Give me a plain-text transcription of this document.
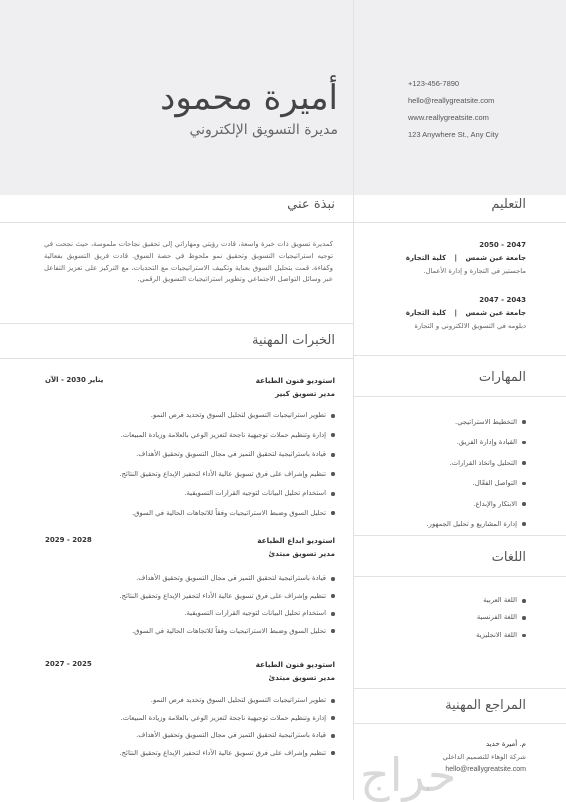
أميرة محمود
مديرة التسويق الإلكتروني
+123-456-7890
hello@reallygreatsite.com
www.reallygreatsite.com
123 Anywhere St., Any City
التعليم
2047 - 2050
جامعة عين شمس | كلية التجارة
ماجستير في التجارة و إدارة الأعمال.
2043 - 2047
جامعة عين شمس | كلية التجارة
دبلومه في التسويق الالكتروني و التجارة
نبذة عني
كمديرة تسويق ذات خبرة واسعة، قادت رؤيتي ومهاراتي إلى تحقيق نجاحات ملموسة، حيث نجحت في توجيه استراتيجيات التسويق وتحقيق نمو ملحوظ في حصة السوق. قادت فريق التسويق بفعالية وكفاءة، قمت بتحليل السوق بعناية وتكييف الاستراتيجيات مع التحديات، مع التركيز على تعزيز التفاعل عبر وسائل التواصل الاجتماعي وتطوير استراتيجيات التسويق الرقمي.
الخبرات المهنية
استوديو فنون الطباعة
يناير 2030 - الآن
مدير تسويق كبير
تطوير استراتيجيات التسويق لتحليل السوق وتحديد فرص النمو.
إدارة وتنظيم حملات توجيهية ناجحة لتعزيز الوعي بالعلامة وزيادة المبيعات.
قيادة باستراتيجية لتحقيق التميز في مجال التسويق وتحقيق الأهداف.
تنظيم وإشراف على فرق تسويق عالية الأداء لتحفيز الإبداع وتحقيق النتائج.
استخدام تحليل البيانات لتوجيه القرارات التسويقية.
تحليل السوق وضبط الاستراتيجيات وفقاً للاتجاهات الحالية في السوق.
استوديو ابداع الطباعة
2028 - 2029
مدير تسويق مبتدئ
قيادة باستراتيجية لتحقيق التميز في مجال التسويق وتحقيق الأهداف.
تنظيم وإشراف على فرق تسويق عالية الأداء لتحفيز الإبداع وتحقيق النتائج.
استخدام تحليل البيانات لتوجيه القرارات التسويقية.
تحليل السوق وضبط الاستراتيجيات وفقاً للاتجاهات الحالية في السوق.
استوديو فنون الطباعة
2025 - 2027
مدير تسويق مبتدئ
تطوير استراتيجيات التسويق لتحليل السوق وتحديد فرص النمو.
إدارة وتنظيم حملات توجيهية ناجحة لتعزيز الوعي بالعلامة وزيادة المبيعات.
قيادة باستراتيجية لتحقيق التميز في مجال التسويق وتحقيق الأهداف.
تنظيم وإشراف على فرق تسويق عالية الأداء لتحفيز الإبداع وتحقيق النتائج.
المهارات
التخطيط الاستراتيجي.
القيادة وإدارة الفريق.
التحليل واتخاذ القرارات.
التواصل الفعّال.
الابتكار والإبداع.
إدارة المشاريع و تحليل الجمهور.
اللغات
اللغة العربية
اللغة الفرنسية
اللغة الانجليزية
المراجع المهنية
م. أميرة حديد
شركة الوهاء للتصميم الداخلي
hello@reallygreatsite.com
حراج
